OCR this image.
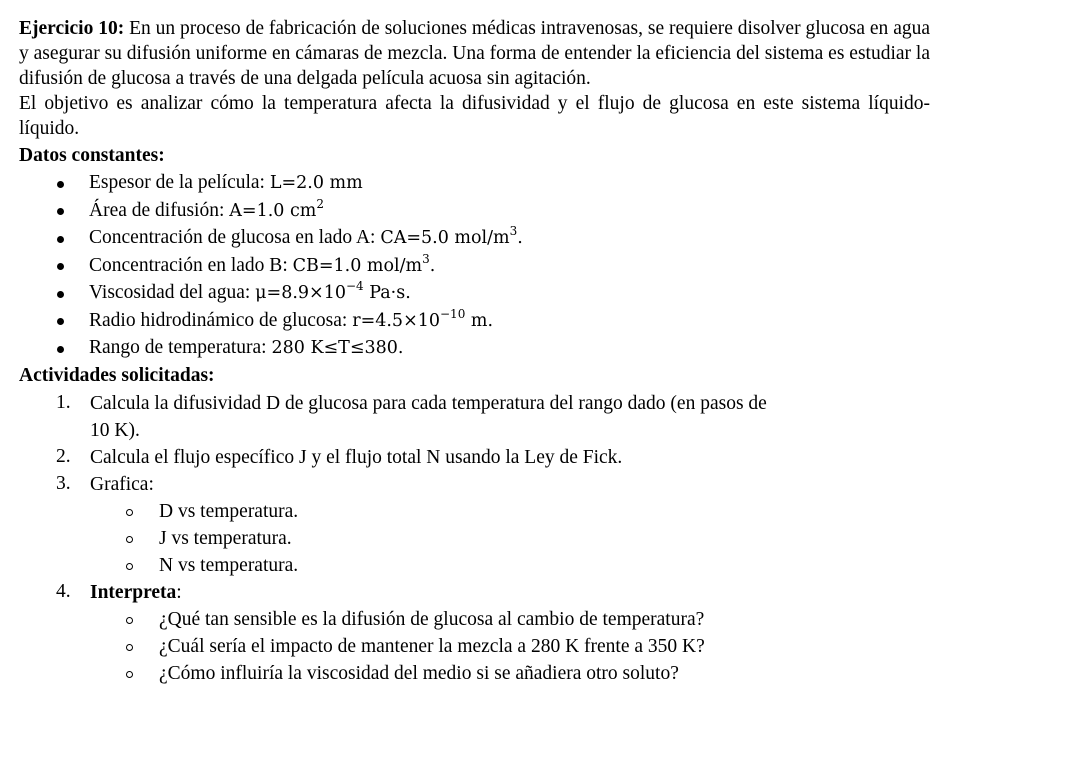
Ejercicio 10: En un proceso de fabricación de soluciones médicas intravenosas, se requiere disolver glucosa en agua y asegurar su difusión uniforme en cámaras de mezcla. Una forma de entender la eficiencia del sistema es estudiar la difusión de glucosa a través de una delgada película acuosa sin agitación.

El objetivo es analizar cómo la temperatura afecta la difusividad y el flujo de glucosa en este sistema líquido-líquido.

Datos constantes:

Espesor de la película: L=2.0 mm
Área de difusión: A=1.0 $cm^2$
Concentración de glucosa en lado A: CA=5.0 mol/$m^3$.
Concentración en lado B: CB=1.0 mol/$m^3$.
Viscosidad del agua: $\mu=8.9\times 10^{-4}$ Pa·s.
Radio hidrodinámico de glucosa: $r=4.5\times 10^{-10}$ m.
Rango de temperatura: 280 K≤T≤380.

Actividades solicitadas:

1. Calcula la difusividad D de glucosa para cada temperatura del rango dado (en pasos de
10 K).
2. Calcula el flujo específico J y el flujo total N usando la Ley de Fick.
3. Grafica:
D vs temperatura.
J vs temperatura.
N vs temperatura.
4. Interpreta:
¿Qué tan sensible es la difusión de glucosa al cambio de temperatura?
¿Cuál sería el impacto de mantener la mezcla a 280 K frente a 350 K?
¿Cómo influiría la viscosidad del medio si se añadiera otro soluto?
